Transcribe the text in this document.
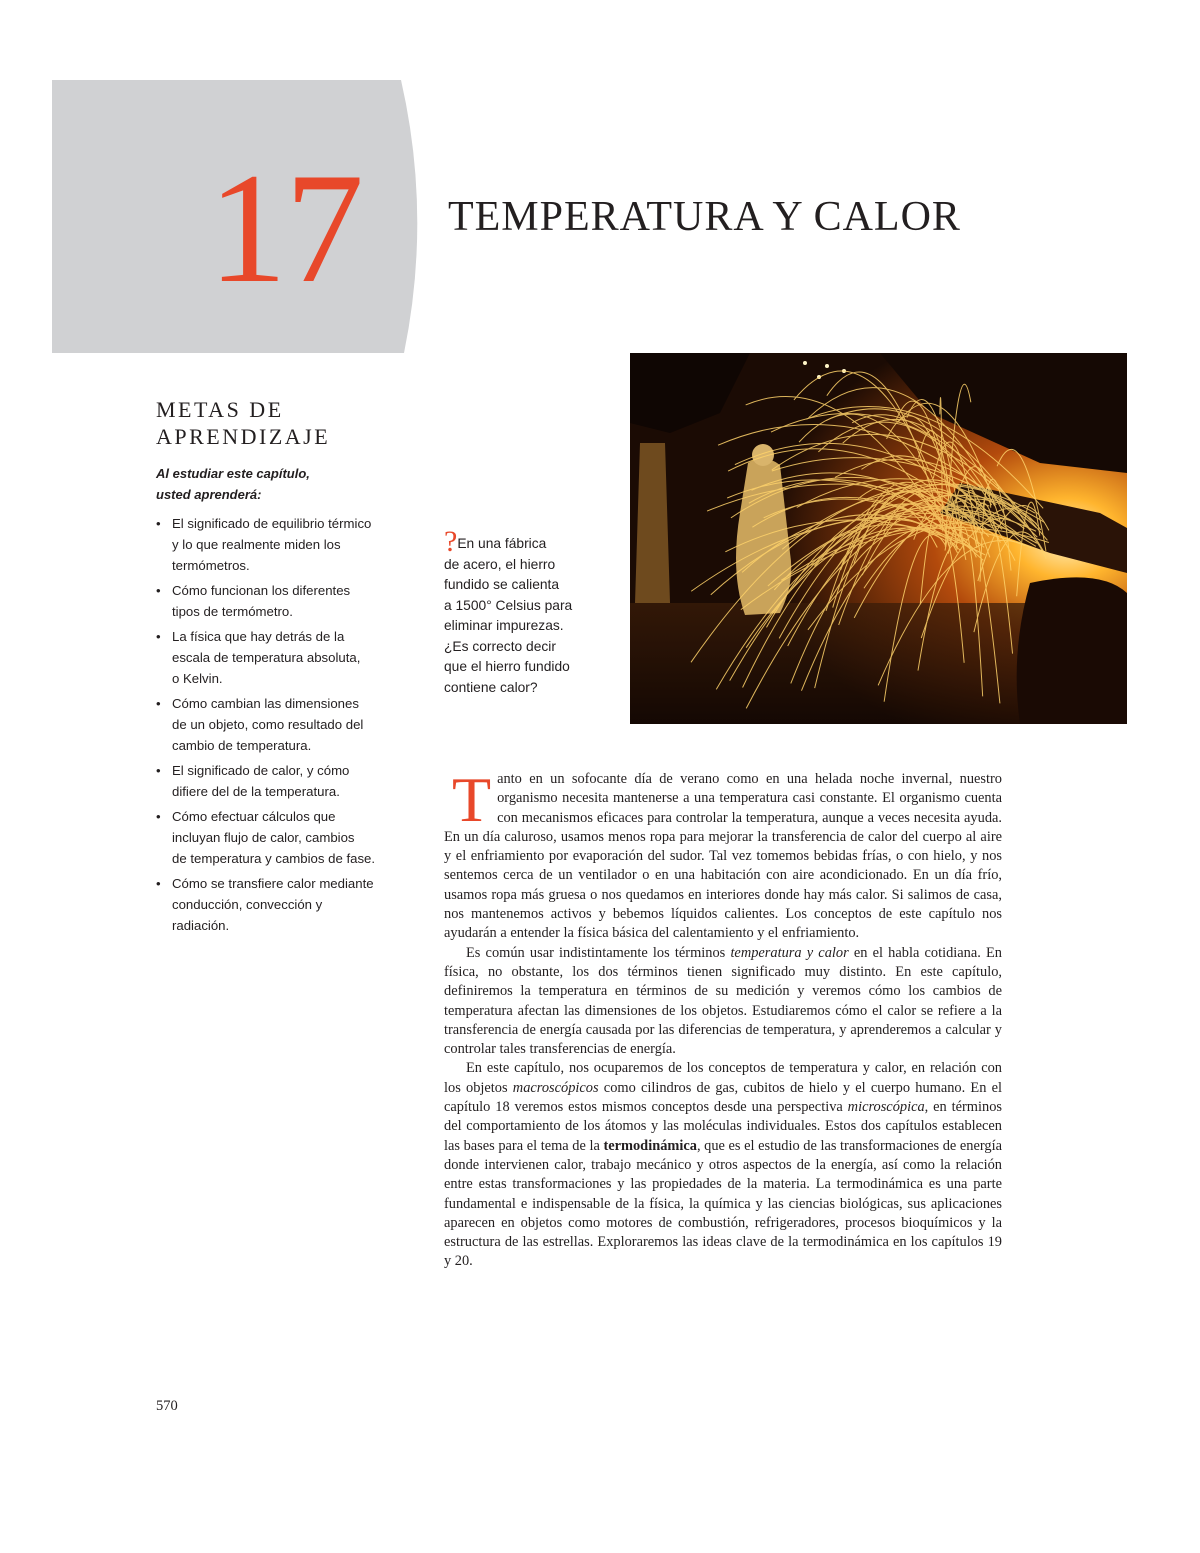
17	TEMPERATURA Y CALOR
METAS DE
APRENDIZAJE
Al estudiar este capítulo,
usted aprenderá:
• El significado de equilibrio térmico
y lo que realmente miden los
termómetros.
• Cómo funcionan los diferentes
tipos de termómetro.
• La física que hay detrás de la
escala de temperatura absoluta,
o Kelvin.
• Cómo cambian las dimensiones
de un objeto, como resultado del
cambio de temperatura.
• El significado de calor, y cómo
difiere del de la temperatura.
• Cómo efectuar cálculos que
incluyan flujo de calor, cambios
de temperatura y cambios de fase.
• Cómo se transfiere calor mediante
conducción, convección y
radiación.
?En una fábrica
de acero, el hierro
fundido se calienta
a 1500° Celsius para
eliminar impurezas.
¿Es correcto decir
que el hierro fundido
contiene calor?

Tanto en un sofocante día de verano como en una helada noche invernal, nuestro organismo necesita mantenerse a una temperatura casi constante. El organismo cuenta con mecanismos eficaces para controlar la temperatura, aunque a veces necesita ayuda. En un día caluroso, usamos menos ropa para mejorar la transferencia de calor del cuerpo al aire y el enfriamiento por evaporación del sudor. Tal vez tomemos bebidas frías, o con hielo, y nos sentemos cerca de un ventilador o en una habitación con aire acondicionado. En un día frío, usamos ropa más gruesa o nos quedamos en interiores donde hay más calor. Si salimos de casa, nos mantenemos activos y bebemos líquidos calientes. Los conceptos de este capítulo nos ayudarán a entender la física básica del calentamiento y el enfriamiento.

Es común usar indistintamente los términos temperatura y calor en el habla cotidiana. En física, no obstante, los dos términos tienen significado muy distinto. En este capítulo, definiremos la temperatura en términos de su medición y veremos cómo los cambios de temperatura afectan las dimensiones de los objetos. Estudiaremos cómo el calor se refiere a la transferencia de energía causada por las diferencias de temperatura, y aprenderemos a calcular y controlar tales transferencias de energía.

En este capítulo, nos ocuparemos de los conceptos de temperatura y calor, en relación con los objetos macroscópicos como cilindros de gas, cubitos de hielo y el cuerpo humano. En el capítulo 18 veremos estos mismos conceptos desde una perspectiva microscópica, en términos del comportamiento de los átomos y las moléculas individuales. Estos dos capítulos establecen las bases para el tema de la termodinámica, que es el estudio de las transformaciones de energía donde intervienen calor, trabajo mecánico y otros aspectos de la energía, así como la relación entre estas transformaciones y las propiedades de la materia. La termodinámica es una parte fundamental e indispensable de la física, la química y las ciencias biológicas, sus aplicaciones aparecen en objetos como motores de combustión, refrigeradores, procesos bioquímicos y la estructura de las estrellas. Exploraremos las ideas clave de la termodinámica en los capítulos 19 y 20.

570
